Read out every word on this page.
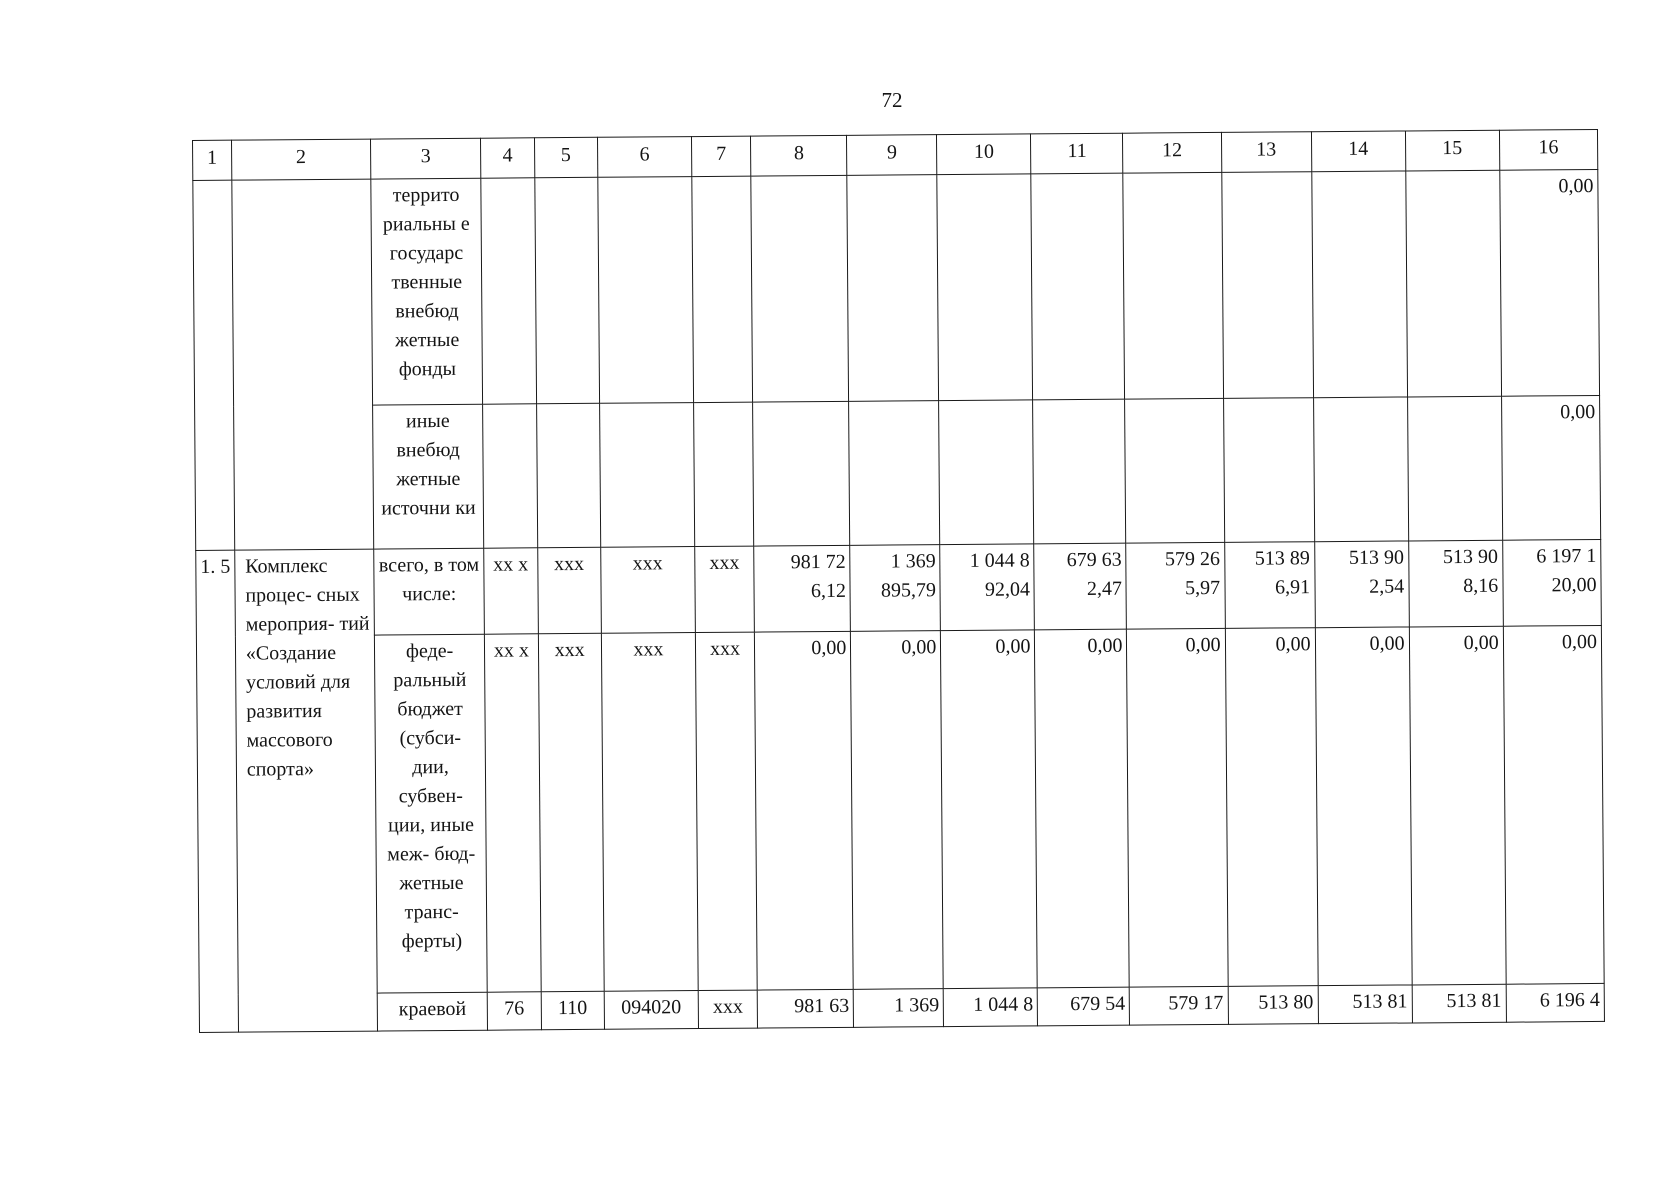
72
1	2	3	4	5	6	7	8	9	10	11	12	13	14	15	16
		террито риальны е государс твенные внебюд жетные фонды													0,00
		иные внебюд жетные источни ки													0,00
1. 5	Комплекс процес- сных мероприя- тий «Создание условий для развития массового спорта»	всего, в том числе:	хх х	ххх	ххх	ххх	981 72 6,12	1 369 895,79	1 044 8 92,04	679 63 2,47	579 26 5,97	513 89 6,91	513 90 2,54	513 90 8,16	6 197 1 20,00
		феде- ральный бюджет (субси- дии, субвен- ции, иные меж- бюд- жетные транс- ферты)	хх х	ххх	ххх	ххх	0,00	0,00	0,00	0,00	0,00	0,00	0,00	0,00	0,00
		краевой	76	110	094020	ххх	981 63	1 369	1 044 8	679 54	579 17	513 80	513 81	513 81	6 196 4
